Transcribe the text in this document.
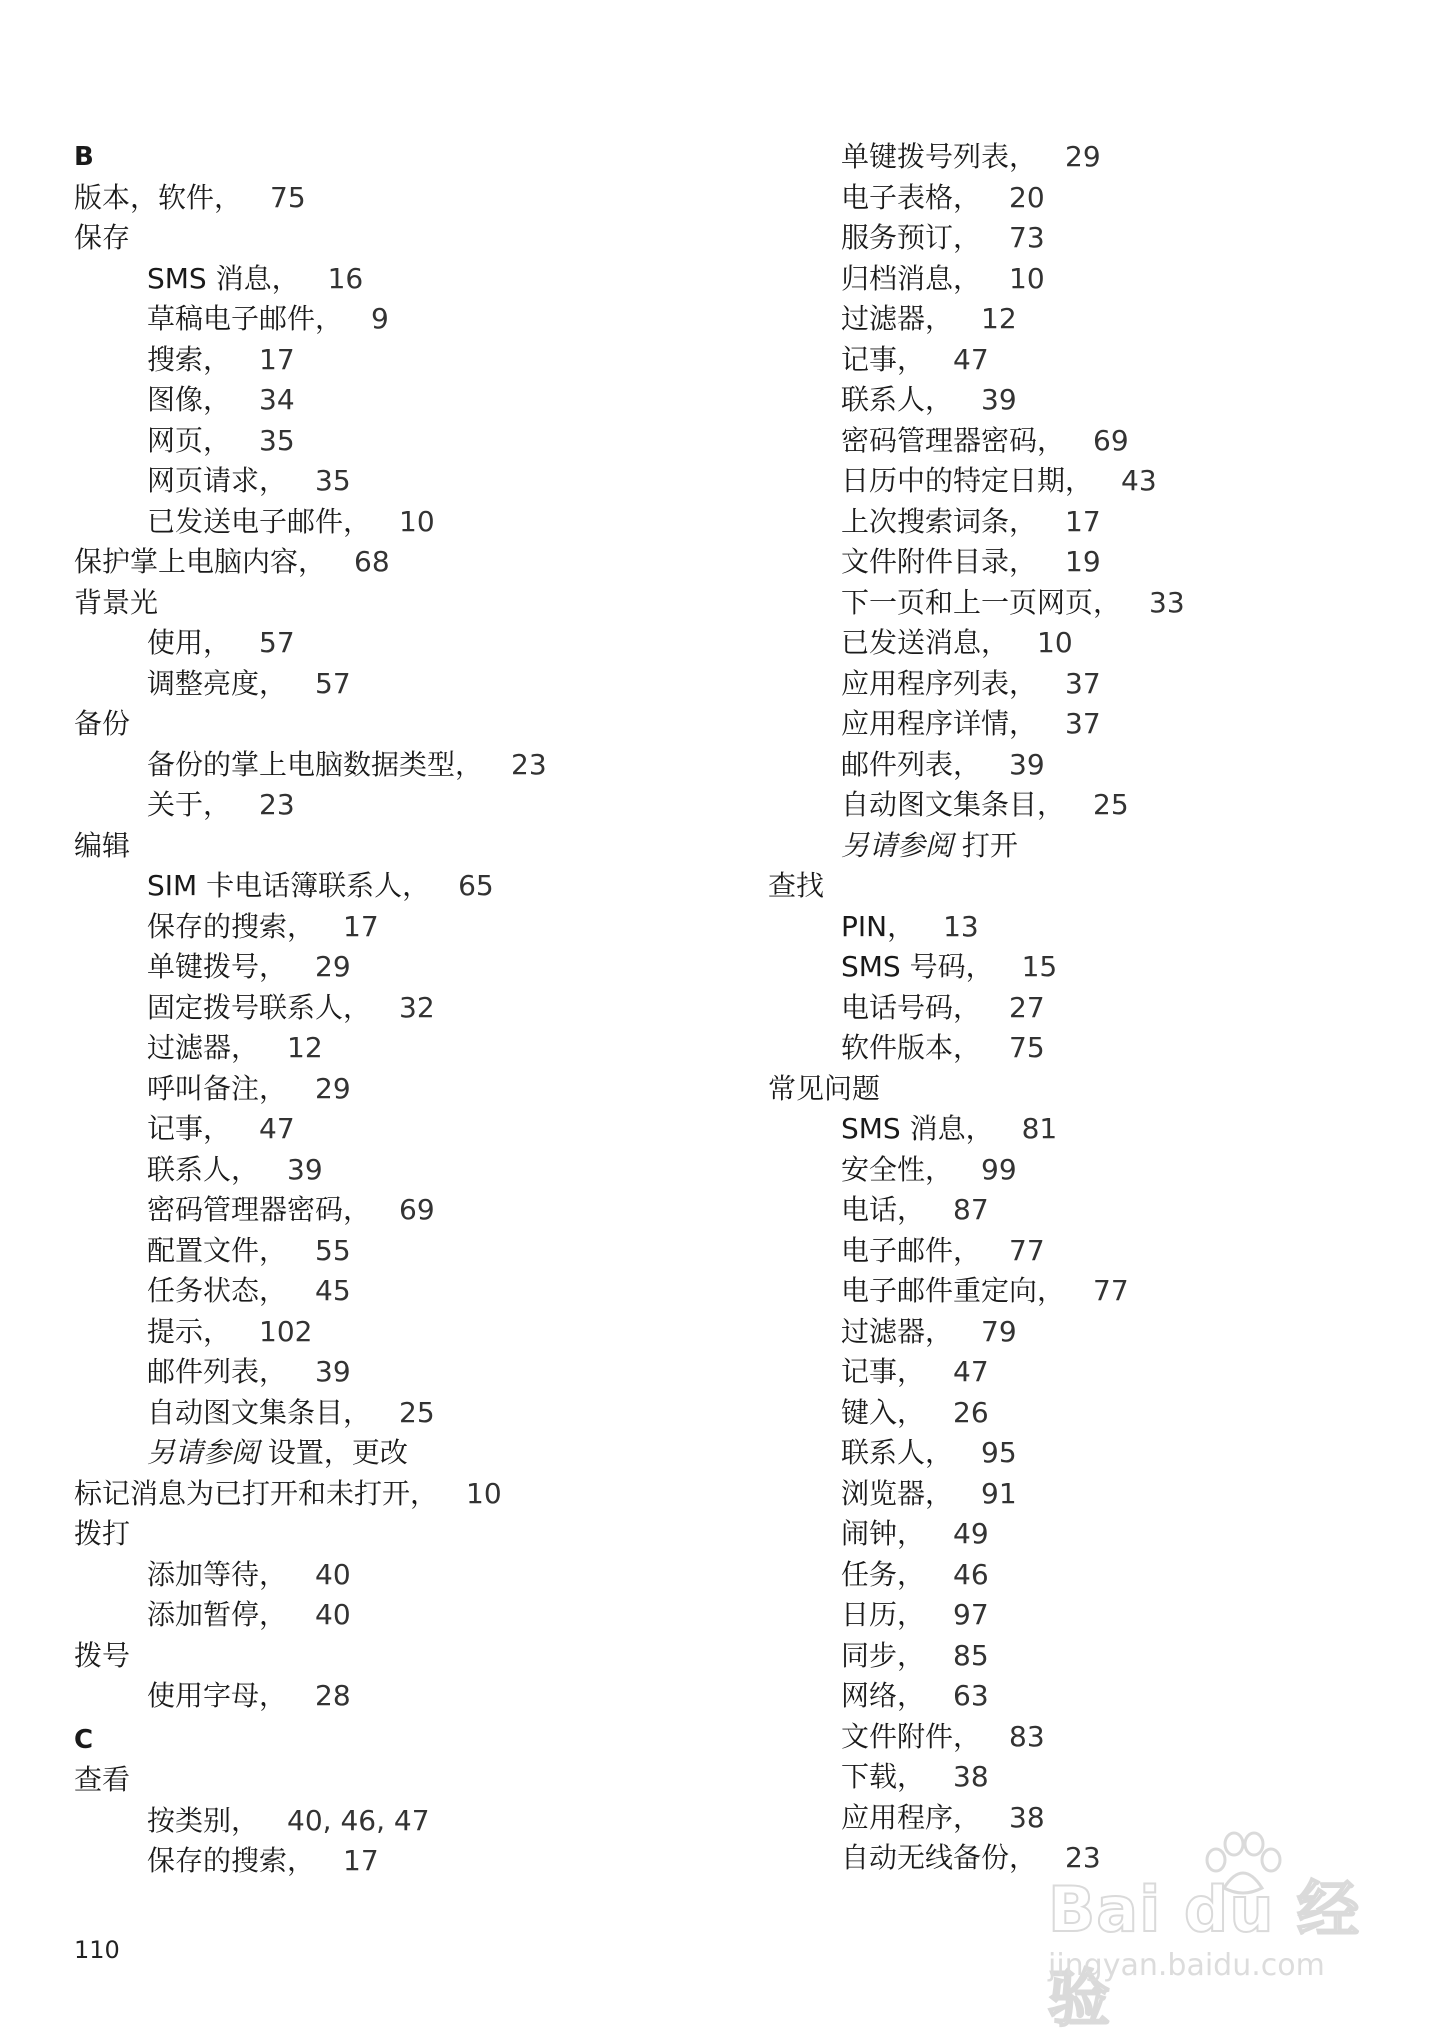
B
版本，软件， 75
保存
SMS 消息， 16
草稿电子邮件， 9
搜索， 17
图像， 34
网页， 35
网页请求， 35
已发送电子邮件， 10
保护掌上电脑内容， 68
背景光
使用， 57
调整亮度， 57
备份
备份的掌上电脑数据类型， 23
关于， 23
编辑
SIM 卡电话簿联系人， 65
保存的搜索， 17
单键拨号， 29
固定拨号联系人， 32
过滤器， 12
呼叫备注， 29
记事， 47
联系人， 39
密码管理器密码， 69
配置文件， 55
任务状态， 45
提示， 102
邮件列表， 39
自动图文集条目， 25
另请参阅 设置，更改
标记消息为已打开和未打开， 10
拨打
添加等待， 40
添加暂停， 40
拨号
使用字母， 28
C
查看
按类别， 40, 46, 47
保存的搜索， 17
单键拨号列表， 29
电子表格， 20
服务预订， 73
归档消息， 10
过滤器， 12
记事， 47
联系人， 39
密码管理器密码， 69
日历中的特定日期， 43
上次搜索词条， 17
文件附件目录， 19
下一页和上一页网页， 33
已发送消息， 10
应用程序列表， 37
应用程序详情， 37
邮件列表， 39
自动图文集条目， 25
另请参阅 打开
查找
PIN， 13
SMS 号码， 15
电话号码， 27
软件版本， 75
常见问题
SMS 消息， 81
安全性， 99
电话， 87
电子邮件， 77
电子邮件重定向， 77
过滤器， 79
记事， 47
键入， 26
联系人， 95
浏览器， 91
闹钟， 49
任务， 46
日历， 97
同步， 85
网络， 63
文件附件， 83
下载， 38
应用程序， 38
自动无线备份， 23
110
Bai du 经验
jingyan.baidu.com
